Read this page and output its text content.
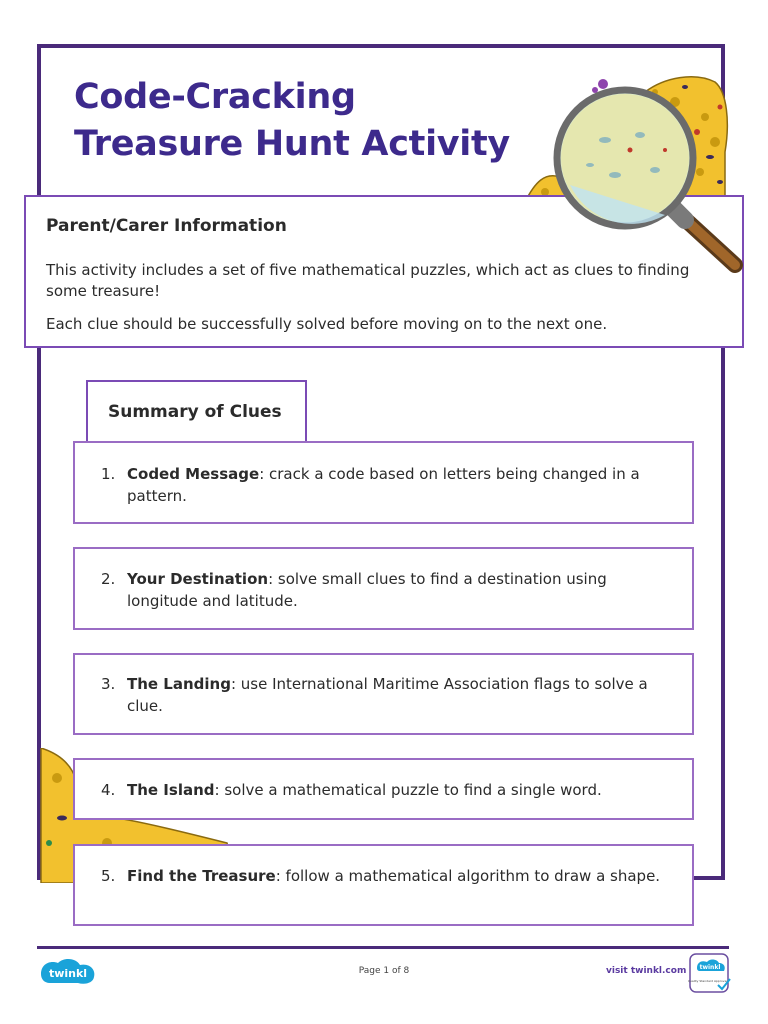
Code-Cracking
Treasure Hunt Activity
Parent/Carer Information

This activity includes a set of five mathematical puzzles, which act as clues to finding some treasure!

Each clue should be successfully solved before moving on to the next one.

Summary of Clues
1. Coded Message: crack a code based on letters being changed in a pattern.
2. Your Destination: solve small clues to find a destination using longitude and latitude.
3. The Landing: use International Maritime Association flags to solve a clue.
4. The Island: solve a mathematical puzzle to find a single word.
5. Find the Treasure: follow a mathematical algorithm to draw a shape.
twinkl	Page 1 of 8	visit twinkl.com twinkl
Quality Standard Approved
